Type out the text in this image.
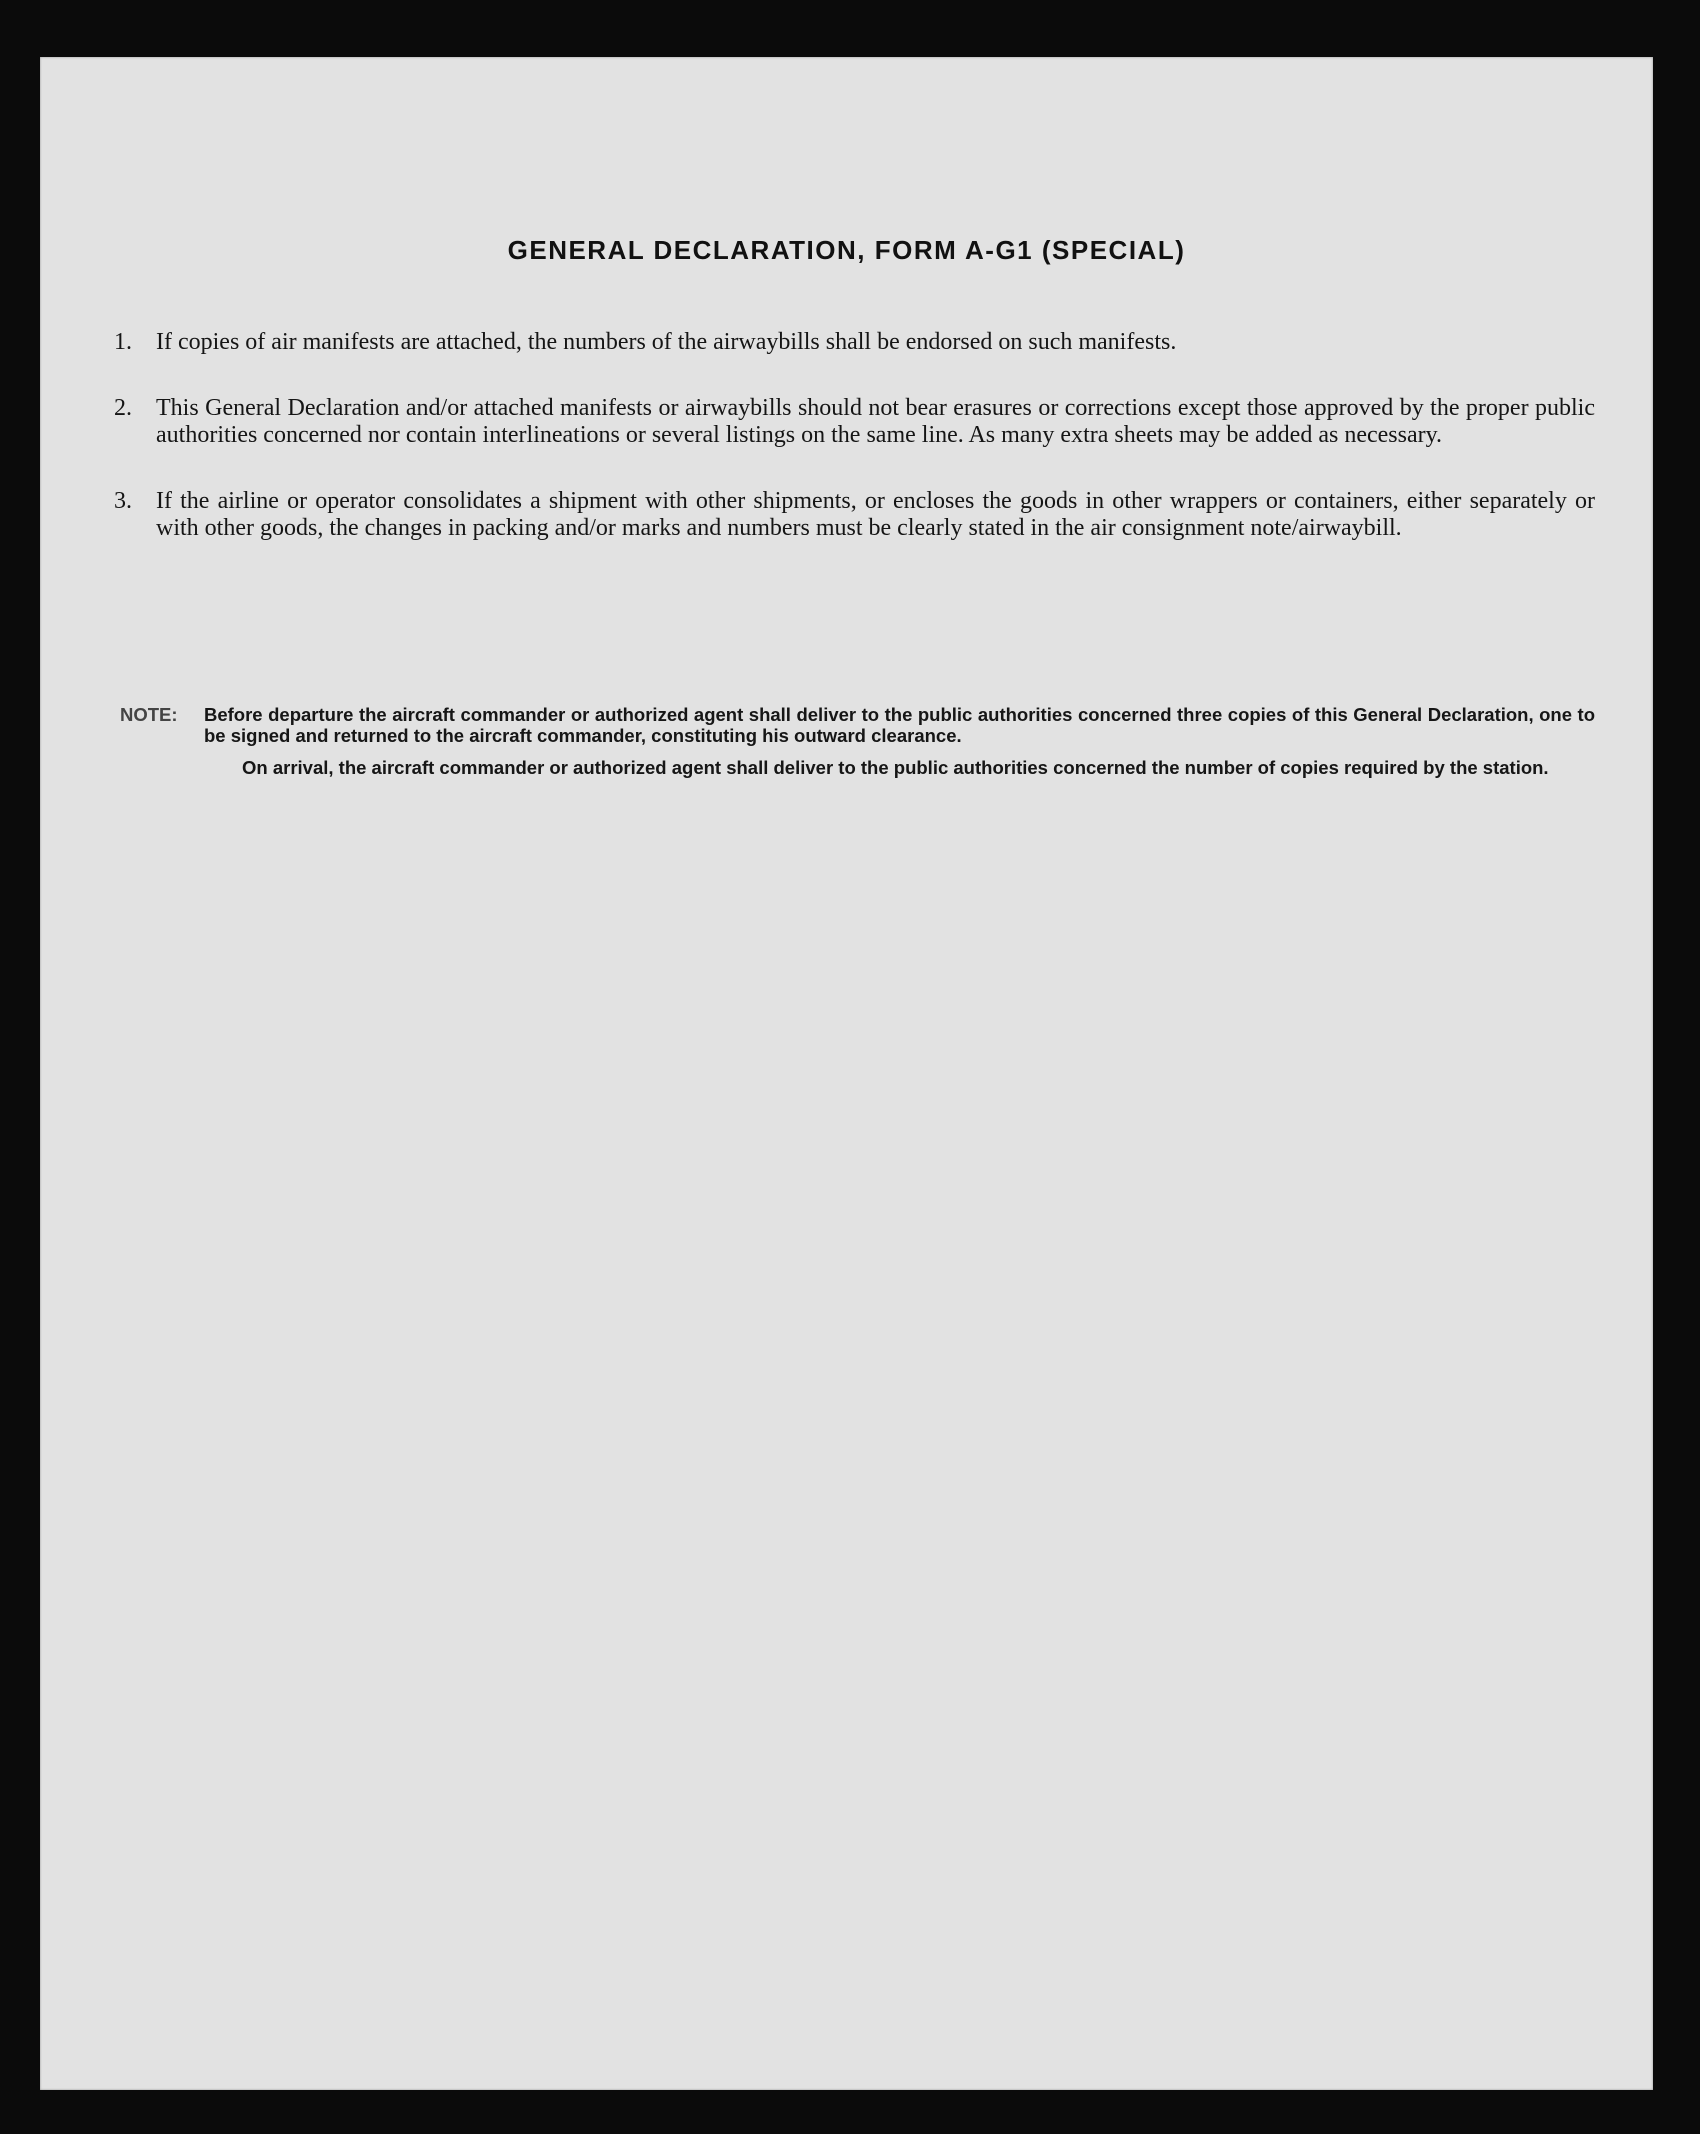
GENERAL DECLARATION, FORM A-G1 (SPECIAL)
1.	If copies of air manifests are attached, the numbers of the airwaybills shall be endorsed on such manifests.
2.	This General Declaration and/or attached manifests or airwaybills should not bear erasures or corrections except those approved by the proper public authorities concerned nor contain interlineations or several listings on the same line. As many extra sheets may be added as necessary.
3.	If the airline or operator consolidates a shipment with other shipments, or encloses the goods in other wrappers or containers, either separately or with other goods, the changes in packing and/or marks and numbers must be clearly stated in the air consignment note/airwaybill.
NOTE:	Before departure the aircraft commander or authorized agent shall deliver to the public authorities concerned three copies of this General Declaration, one to be signed and returned to the aircraft commander, constituting his outward clearance.
On arrival, the aircraft commander or authorized agent shall deliver to the public authorities concerned the number of copies required by the station.
